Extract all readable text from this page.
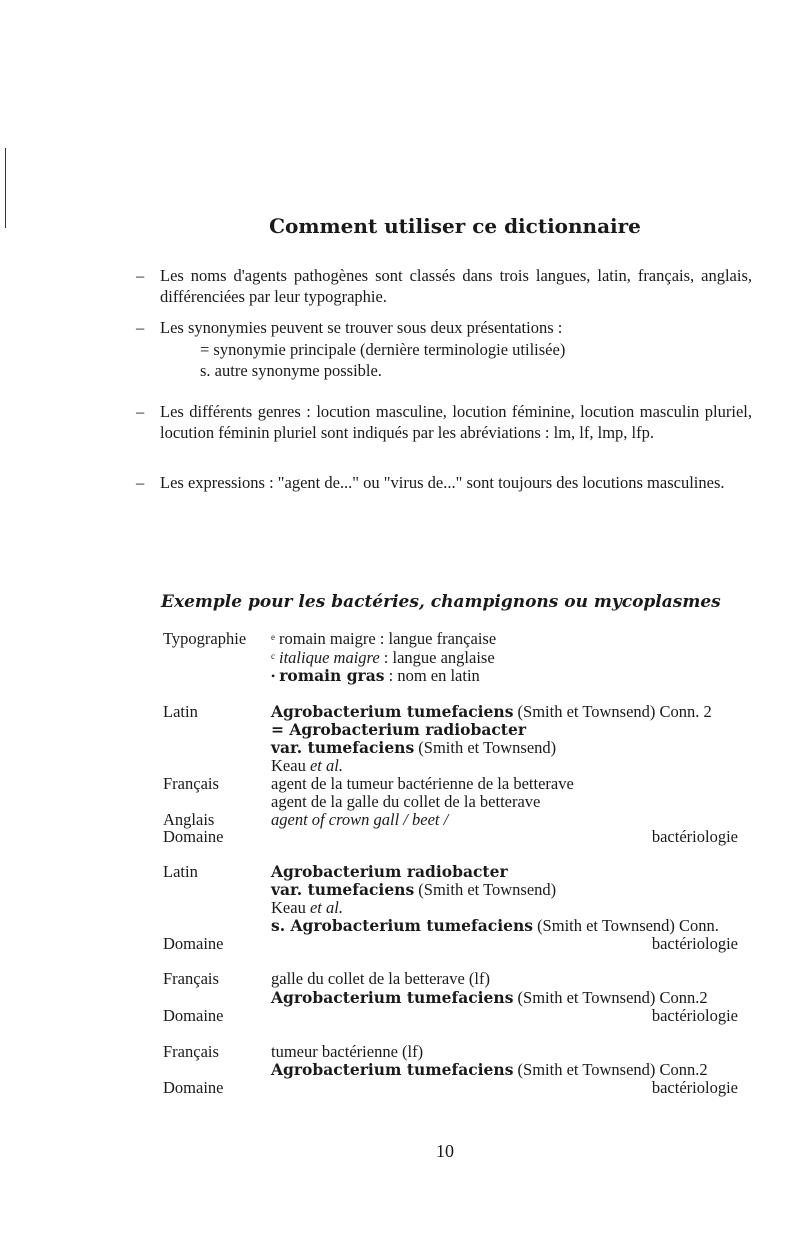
Comment utiliser ce dictionnaire
– Les noms d'agents pathogènes sont classés dans trois langues, latin, français, anglais, différenciées par leur typographie.
– Les synonymies peuvent se trouver sous deux présentations :
= synonymie principale (dernière terminologie utilisée)
s. autre synonyme possible.
– Les différents genres : locution masculine, locution féminine, locution masculin pluriel, locution féminin pluriel sont indiqués par les abréviations : lm, lf, lmp, lfp.
– Les expressions : "agent de..." ou "virus de..." sont toujours des locutions masculines.
Exemple pour les bactéries, champignons ou mycoplasmes
Typographie	$^e$ romain maigre : langue française
$^c$ italique maigre : langue anglaise
• romain gras : nom en latin
Latin	Agrobacterium tumefaciens (Smith et Townsend) Conn. 2
= Agrobacterium radiobacter
var. tumefaciens (Smith et Townsend)
Keau et al.
Français	agent de la tumeur bactérienne de la betterave
agent de la galle du collet de la betterave
Anglais	agent of crown gall / beet /
Domaine	bactériologie
Latin	Agrobacterium radiobacter
var. tumefaciens (Smith et Townsend)
Keau et al.
s. Agrobacterium tumefaciens (Smith et Townsend) Conn.
Domaine	bactériologie
Français	galle du collet de la betterave (lf)
Agrobacterium tumefaciens (Smith et Townsend) Conn.2
Domaine	bactériologie
Français	tumeur bactérienne (lf)
Agrobacterium tumefaciens (Smith et Townsend) Conn.2
Domaine	bactériologie
10
